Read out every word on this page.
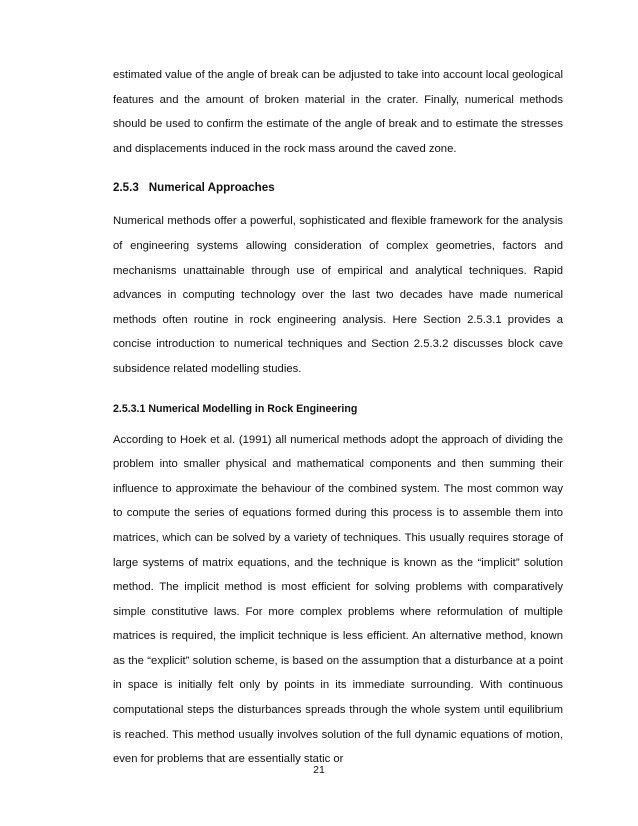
estimated value of the angle of break can be adjusted to take into account local geological features and the amount of broken material in the crater. Finally, numerical methods should be used to confirm the estimate of the angle of break and to estimate the stresses and displacements induced in the rock mass around the caved zone.

2.5.3 Numerical Approaches

Numerical methods offer a powerful, sophisticated and flexible framework for the analysis of engineering systems allowing consideration of complex geometries, factors and mechanisms unattainable through use of empirical and analytical techniques. Rapid advances in computing technology over the last two decades have made numerical methods often routine in rock engineering analysis. Here Section 2.5.3.1 provides a concise introduction to numerical techniques and Section 2.5.3.2 discusses block cave subsidence related modelling studies.

2.5.3.1 Numerical Modelling in Rock Engineering

According to Hoek et al. (1991) all numerical methods adopt the approach of dividing the problem into smaller physical and mathematical components and then summing their influence to approximate the behaviour of the combined system. The most common way to compute the series of equations formed during this process is to assemble them into matrices, which can be solved by a variety of techniques. This usually requires storage of large systems of matrix equations, and the technique is known as the “implicit” solution method. The implicit method is most efficient for solving problems with comparatively simple constitutive laws. For more complex problems where reformulation of multiple matrices is required, the implicit technique is less efficient. An alternative method, known as the “explicit” solution scheme, is based on the assumption that a disturbance at a point in space is initially felt only by points in its immediate surrounding. With continuous computational steps the disturbances spreads through the whole system until equilibrium is reached. This method usually involves solution of the full dynamic equations of motion, even for problems that are essentially static or

21
